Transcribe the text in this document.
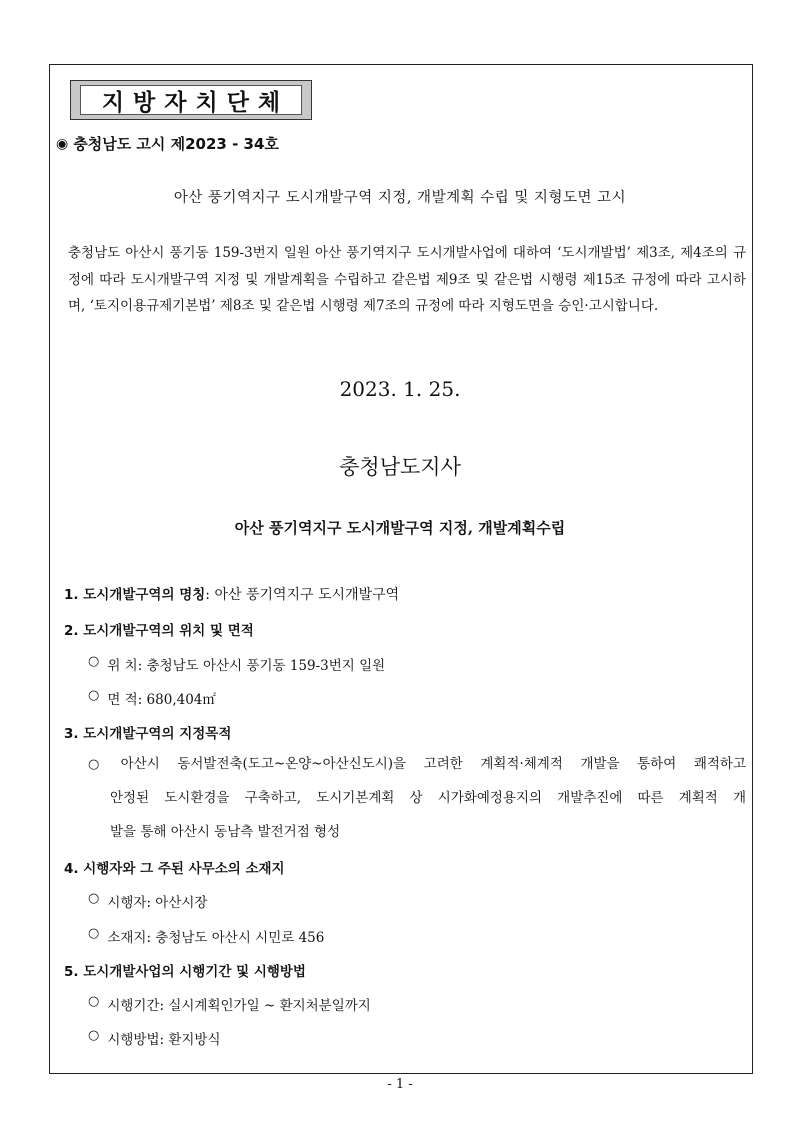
지방자치단체
◉ 충청남도 고시 제2023 - 34호
아산 풍기역지구 도시개발구역 지정, 개발계획 수립 및 지형도면 고시
충청남도 아산시 풍기동 159-3번지 일원 아산 풍기역지구 도시개발사업에 대하여 ‘도시개발법’ 제3조, 제4조의 규정에 따라 도시개발구역 지정 및 개발계획을 수립하고 같은법 제9조 및 같은법 시행령 제15조 규정에 따라 고시하며, ‘토지이용규제기본법’ 제8조 및 같은법 시행령 제7조의 규정에 따라 지형도면을 승인·고시합니다.
2023. 1. 25.
충청남도지사
아산 풍기역지구 도시개발구역 지정, 개발계획수립
1. 도시개발구역의 명칭: 아산 풍기역지구 도시개발구역
2. 도시개발구역의 위치 및 면적
○ 위 치: 충청남도 아산시 풍기동 159-3번지 일원
○ 면 적: 680,404㎡
3. 도시개발구역의 지정목적
○ 아산시 동서발전축(도고~온양~아산신도시)을 고려한 계획적·체계적 개발을 통하여 쾌적하고
안정된 도시환경을 구축하고, 도시기본계획 상 시가화예정용지의 개발추진에 따른 계획적 개
발을 통해 아산시 동남측 발전거점 형성
4. 시행자와 그 주된 사무소의 소재지
○ 시행자: 아산시장
○ 소재지: 충청남도 아산시 시민로 456
5. 도시개발사업의 시행기간 및 시행방법
○ 시행기간: 실시계획인가일 ~ 환지처분일까지
○ 시행방법: 환지방식
- 1 -
